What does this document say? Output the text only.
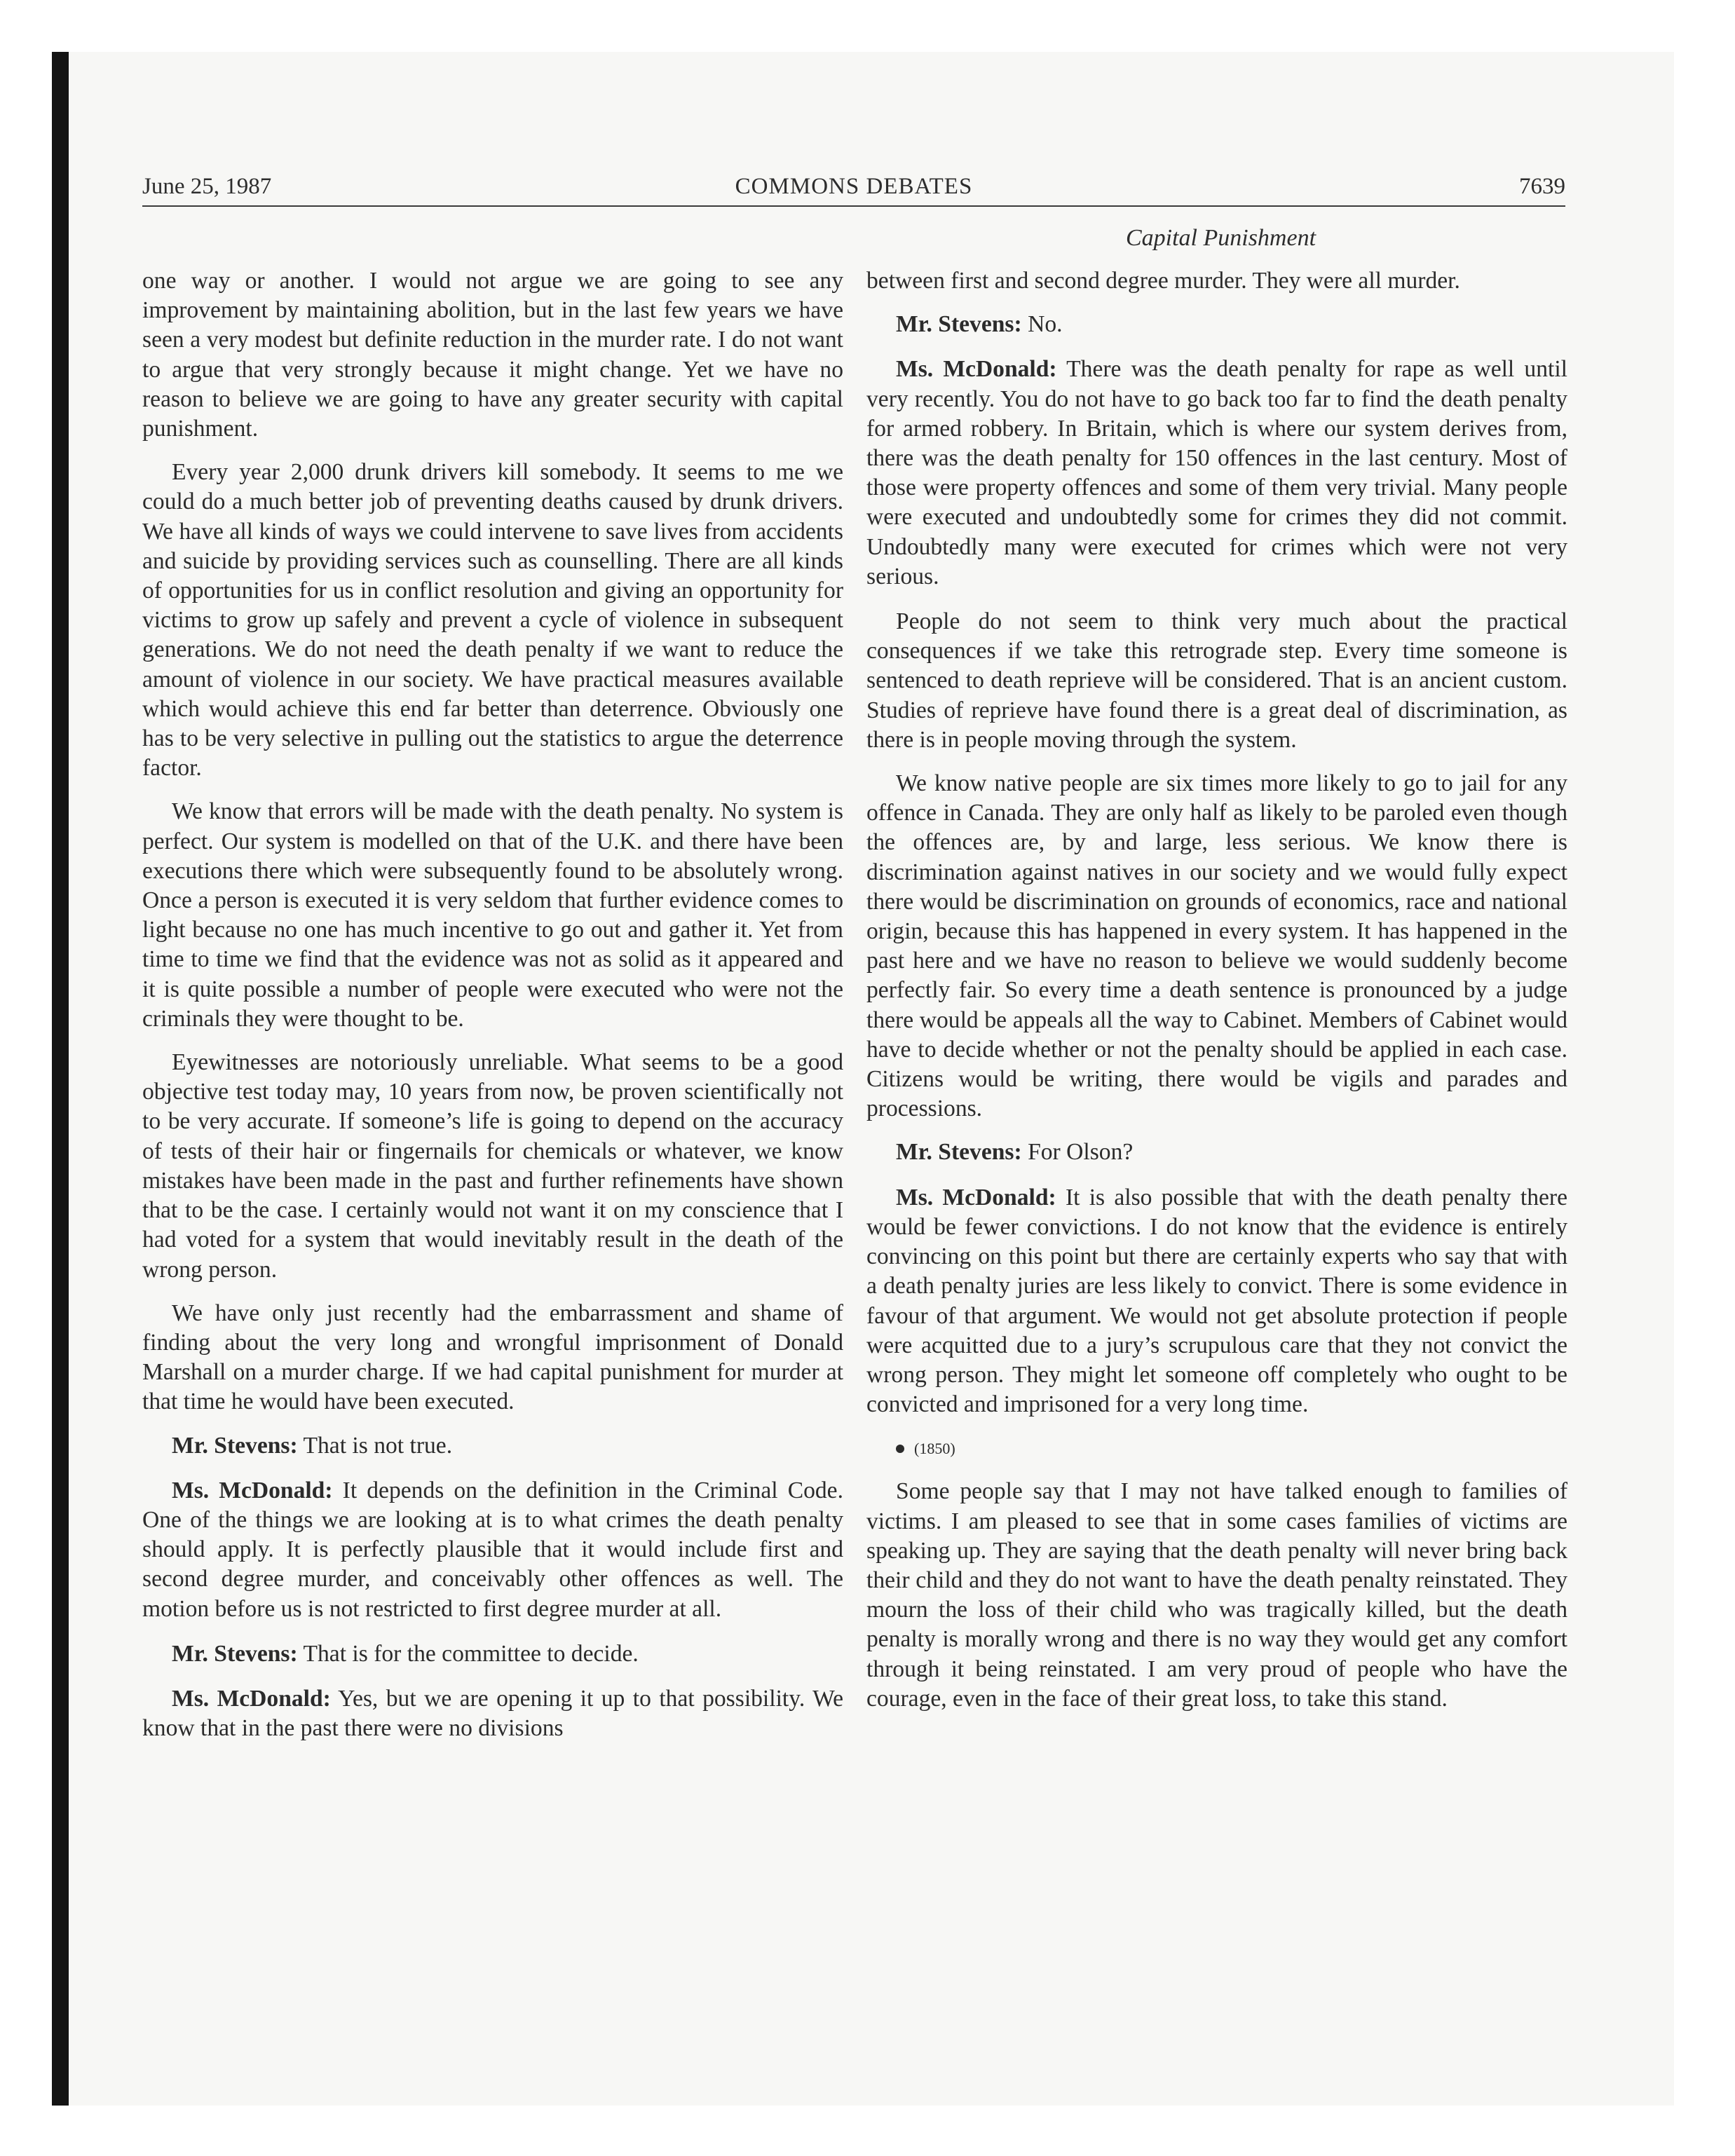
June 25, 1987	COMMONS DEBATES	7639
Capital Punishment

one way or another. I would not argue we are going to see any improvement by maintaining abolition, but in the last few years we have seen a very modest but definite reduction in the murder rate. I do not want to argue that very strongly because it might change. Yet we have no reason to believe we are going to have any greater security with capital punishment.

Every year 2,000 drunk drivers kill somebody. It seems to me we could do a much better job of preventing deaths caused by drunk drivers. We have all kinds of ways we could intervene to save lives from accidents and suicide by providing services such as counselling. There are all kinds of opportunities for us in conflict resolution and giving an opportunity for victims to grow up safely and prevent a cycle of violence in subsequent generations. We do not need the death penalty if we want to reduce the amount of violence in our society. We have practical measures available which would achieve this end far better than deterrence. Obviously one has to be very selective in pulling out the statistics to argue the deterrence factor.

We know that errors will be made with the death penalty. No system is perfect. Our system is modelled on that of the U.K. and there have been executions there which were subsequently found to be absolutely wrong. Once a person is executed it is very seldom that further evidence comes to light because no one has much incentive to go out and gather it. Yet from time to time we find that the evidence was not as solid as it appeared and it is quite possible a number of people were executed who were not the criminals they were thought to be.

Eyewitnesses are notoriously unreliable. What seems to be a good objective test today may, 10 years from now, be proven scientifically not to be very accurate. If someone’s life is going to depend on the accuracy of tests of their hair or fingernails for chemicals or whatever, we know mistakes have been made in the past and further refinements have shown that to be the case. I certainly would not want it on my conscience that I had voted for a system that would inevitably result in the death of the wrong person.

We have only just recently had the embarrassment and shame of finding about the very long and wrongful imprisonment of Donald Marshall on a murder charge. If we had capital punishment for murder at that time he would have been executed.

Mr. Stevens: That is not true.

Ms. McDonald: It depends on the definition in the Criminal Code. One of the things we are looking at is to what crimes the death penalty should apply. It is perfectly plausible that it would include first and second degree murder, and conceivably other offences as well. The motion before us is not restricted to first degree murder at all.

Mr. Stevens: That is for the committee to decide.

Ms. McDonald: Yes, but we are opening it up to that possibility. We know that in the past there were no divisions

between first and second degree murder. They were all murder.

Mr. Stevens: No.

Ms. McDonald: There was the death penalty for rape as well until very recently. You do not have to go back too far to find the death penalty for armed robbery. In Britain, which is where our system derives from, there was the death penalty for 150 offences in the last century. Most of those were property offences and some of them very trivial. Many people were executed and undoubtedly some for crimes they did not commit. Undoubtedly many were executed for crimes which were not very serious.

People do not seem to think very much about the practical consequences if we take this retrograde step. Every time someone is sentenced to death reprieve will be considered. That is an ancient custom. Studies of reprieve have found there is a great deal of discrimination, as there is in people moving through the system.

We know native people are six times more likely to go to jail for any offence in Canada. They are only half as likely to be paroled even though the offences are, by and large, less serious. We know there is discrimination against natives in our society and we would fully expect there would be discrimination on grounds of economics, race and national origin, because this has happened in every system. It has happened in the past here and we have no reason to believe we would suddenly become perfectly fair. So every time a death sentence is pronounced by a judge there would be appeals all the way to Cabinet. Members of Cabinet would have to decide whether or not the penalty should be applied in each case. Citizens would be writing, there would be vigils and parades and processions.

Mr. Stevens: For Olson?

Ms. McDonald: It is also possible that with the death penalty there would be fewer convictions. I do not know that the evidence is entirely convincing on this point but there are certainly experts who say that with a death penalty juries are less likely to convict. There is some evidence in favour of that argument. We would not get absolute protection if people were acquitted due to a jury’s scrupulous care that they not convict the wrong person. They might let someone off completely who ought to be convicted and imprisoned for a very long time.

(1850)

Some people say that I may not have talked enough to families of victims. I am pleased to see that in some cases families of victims are speaking up. They are saying that the death penalty will never bring back their child and they do not want to have the death penalty reinstated. They mourn the loss of their child who was tragically killed, but the death penalty is morally wrong and there is no way they would get any comfort through it being reinstated. I am very proud of people who have the courage, even in the face of their great loss, to take this stand.
